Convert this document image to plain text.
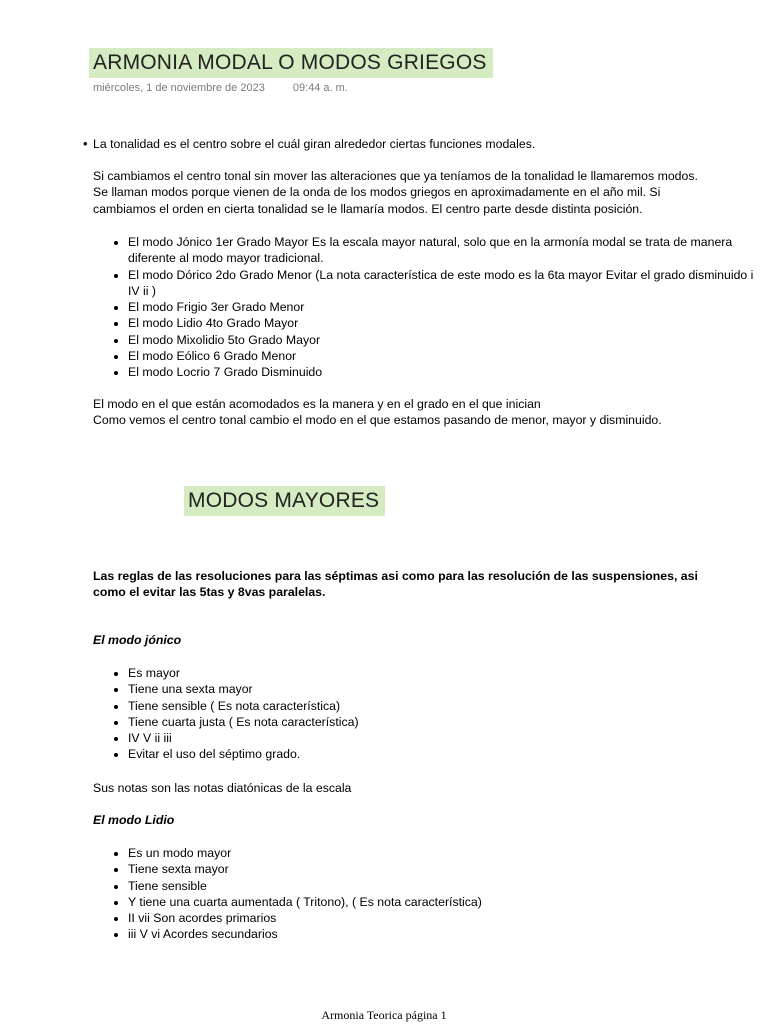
ARMONIA MODAL O MODOS GRIEGOS
miércoles, 1 de noviembre de 2023	09:44 a. m.
• La tonalidad es el centro sobre el cuál giran alrededor ciertas funciones modales.
Si cambiamos el centro tonal sin mover las alteraciones que ya teníamos de la tonalidad le llamaremos modos.
Se llaman modos porque vienen de la onda de los modos griegos en aproximadamente en el año mil. Si
cambiamos el orden en cierta tonalidad se le llamaría modos. El centro parte desde distinta posición.
• El modo Jónico 1er Grado Mayor Es la escala mayor natural, solo que en la armonía modal se trata de manera diferente al modo mayor tradicional.
• El modo Dórico 2do Grado Menor (La nota característica de este modo es la 6ta mayor Evitar el grado disminuido i IV ii )
• El modo Frigio 3er Grado Menor
• El modo Lidio 4to Grado Mayor
• El modo Mixolidio 5to Grado Mayor
• El modo Eólico 6 Grado Menor
• El modo Locrio 7 Grado Disminuido
El modo en el que están acomodados es la manera y en el grado en el que inician
Como vemos el centro tonal cambio el modo en el que estamos pasando de menor, mayor y disminuido.
MODOS MAYORES
Las reglas de las resoluciones para las séptimas asi como para las resolución de las suspensiones, asi
como el evitar las 5tas y 8vas paralelas.
El modo jónico
• Es mayor
• Tiene una sexta mayor
• Tiene sensible ( Es nota característica)
• Tiene cuarta justa ( Es nota característica)
• IV V ii iii
• Evitar el uso del séptimo grado.
Sus notas son las notas diatónicas de la escala
El modo Lidio
• Es un modo mayor
• Tiene sexta mayor
• Tiene sensible
• Y tiene una cuarta aumentada ( Tritono), ( Es nota característica)
• II vii Son acordes primarios
• iii V vi Acordes secundarios
Armonia Teorica página 1
